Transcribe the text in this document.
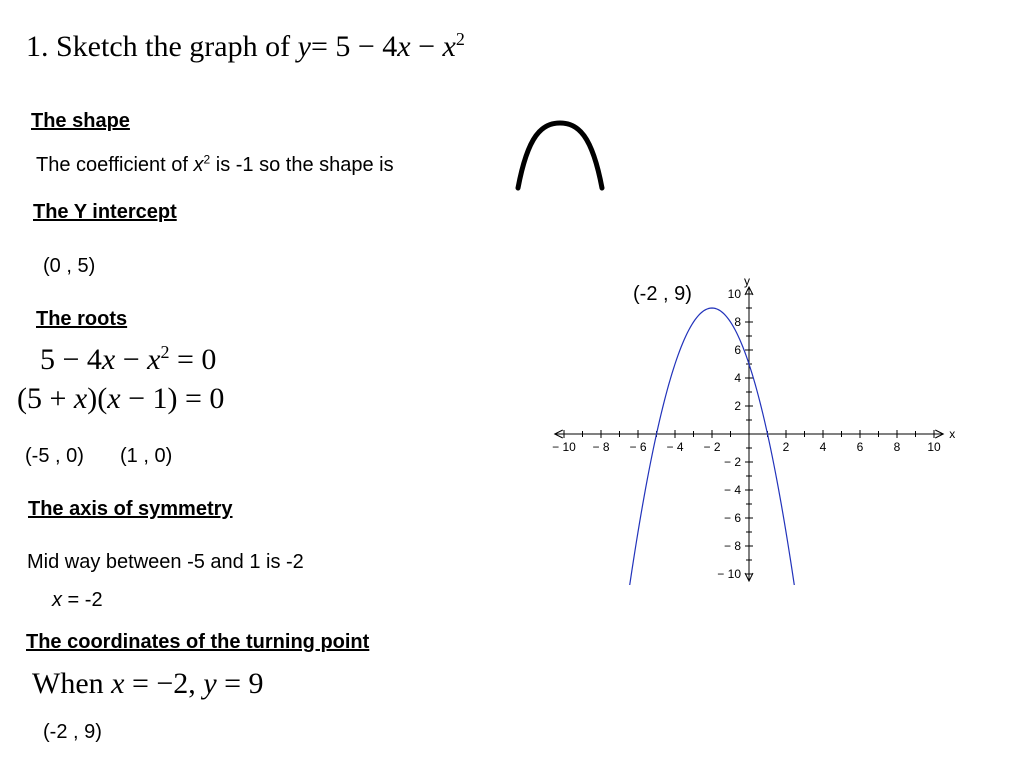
1. Sketch the graph of $y= 5 - 4x - x^2$
The shape
The coefficient of $x^2$ is -1 so the shape is
The Y intercept
(0 , 5)
The roots
$5 - 4x - x^2 = 0$
(5 + x)(x − 1) = 0
(-5 , 0) (1 , 0)
The axis of symmetry
Mid way between -5 and 1 is -2
x = -2
The coordinates of the turning point
When x = −2, y = 9
(-2 , 9)
− 10 − 8 − 6 − 4 − 2	2	4	6	8 10
10
8
6
4
2
− 2
− 4
− 6
− 8
− 10
x
y
(-2 , 9)
